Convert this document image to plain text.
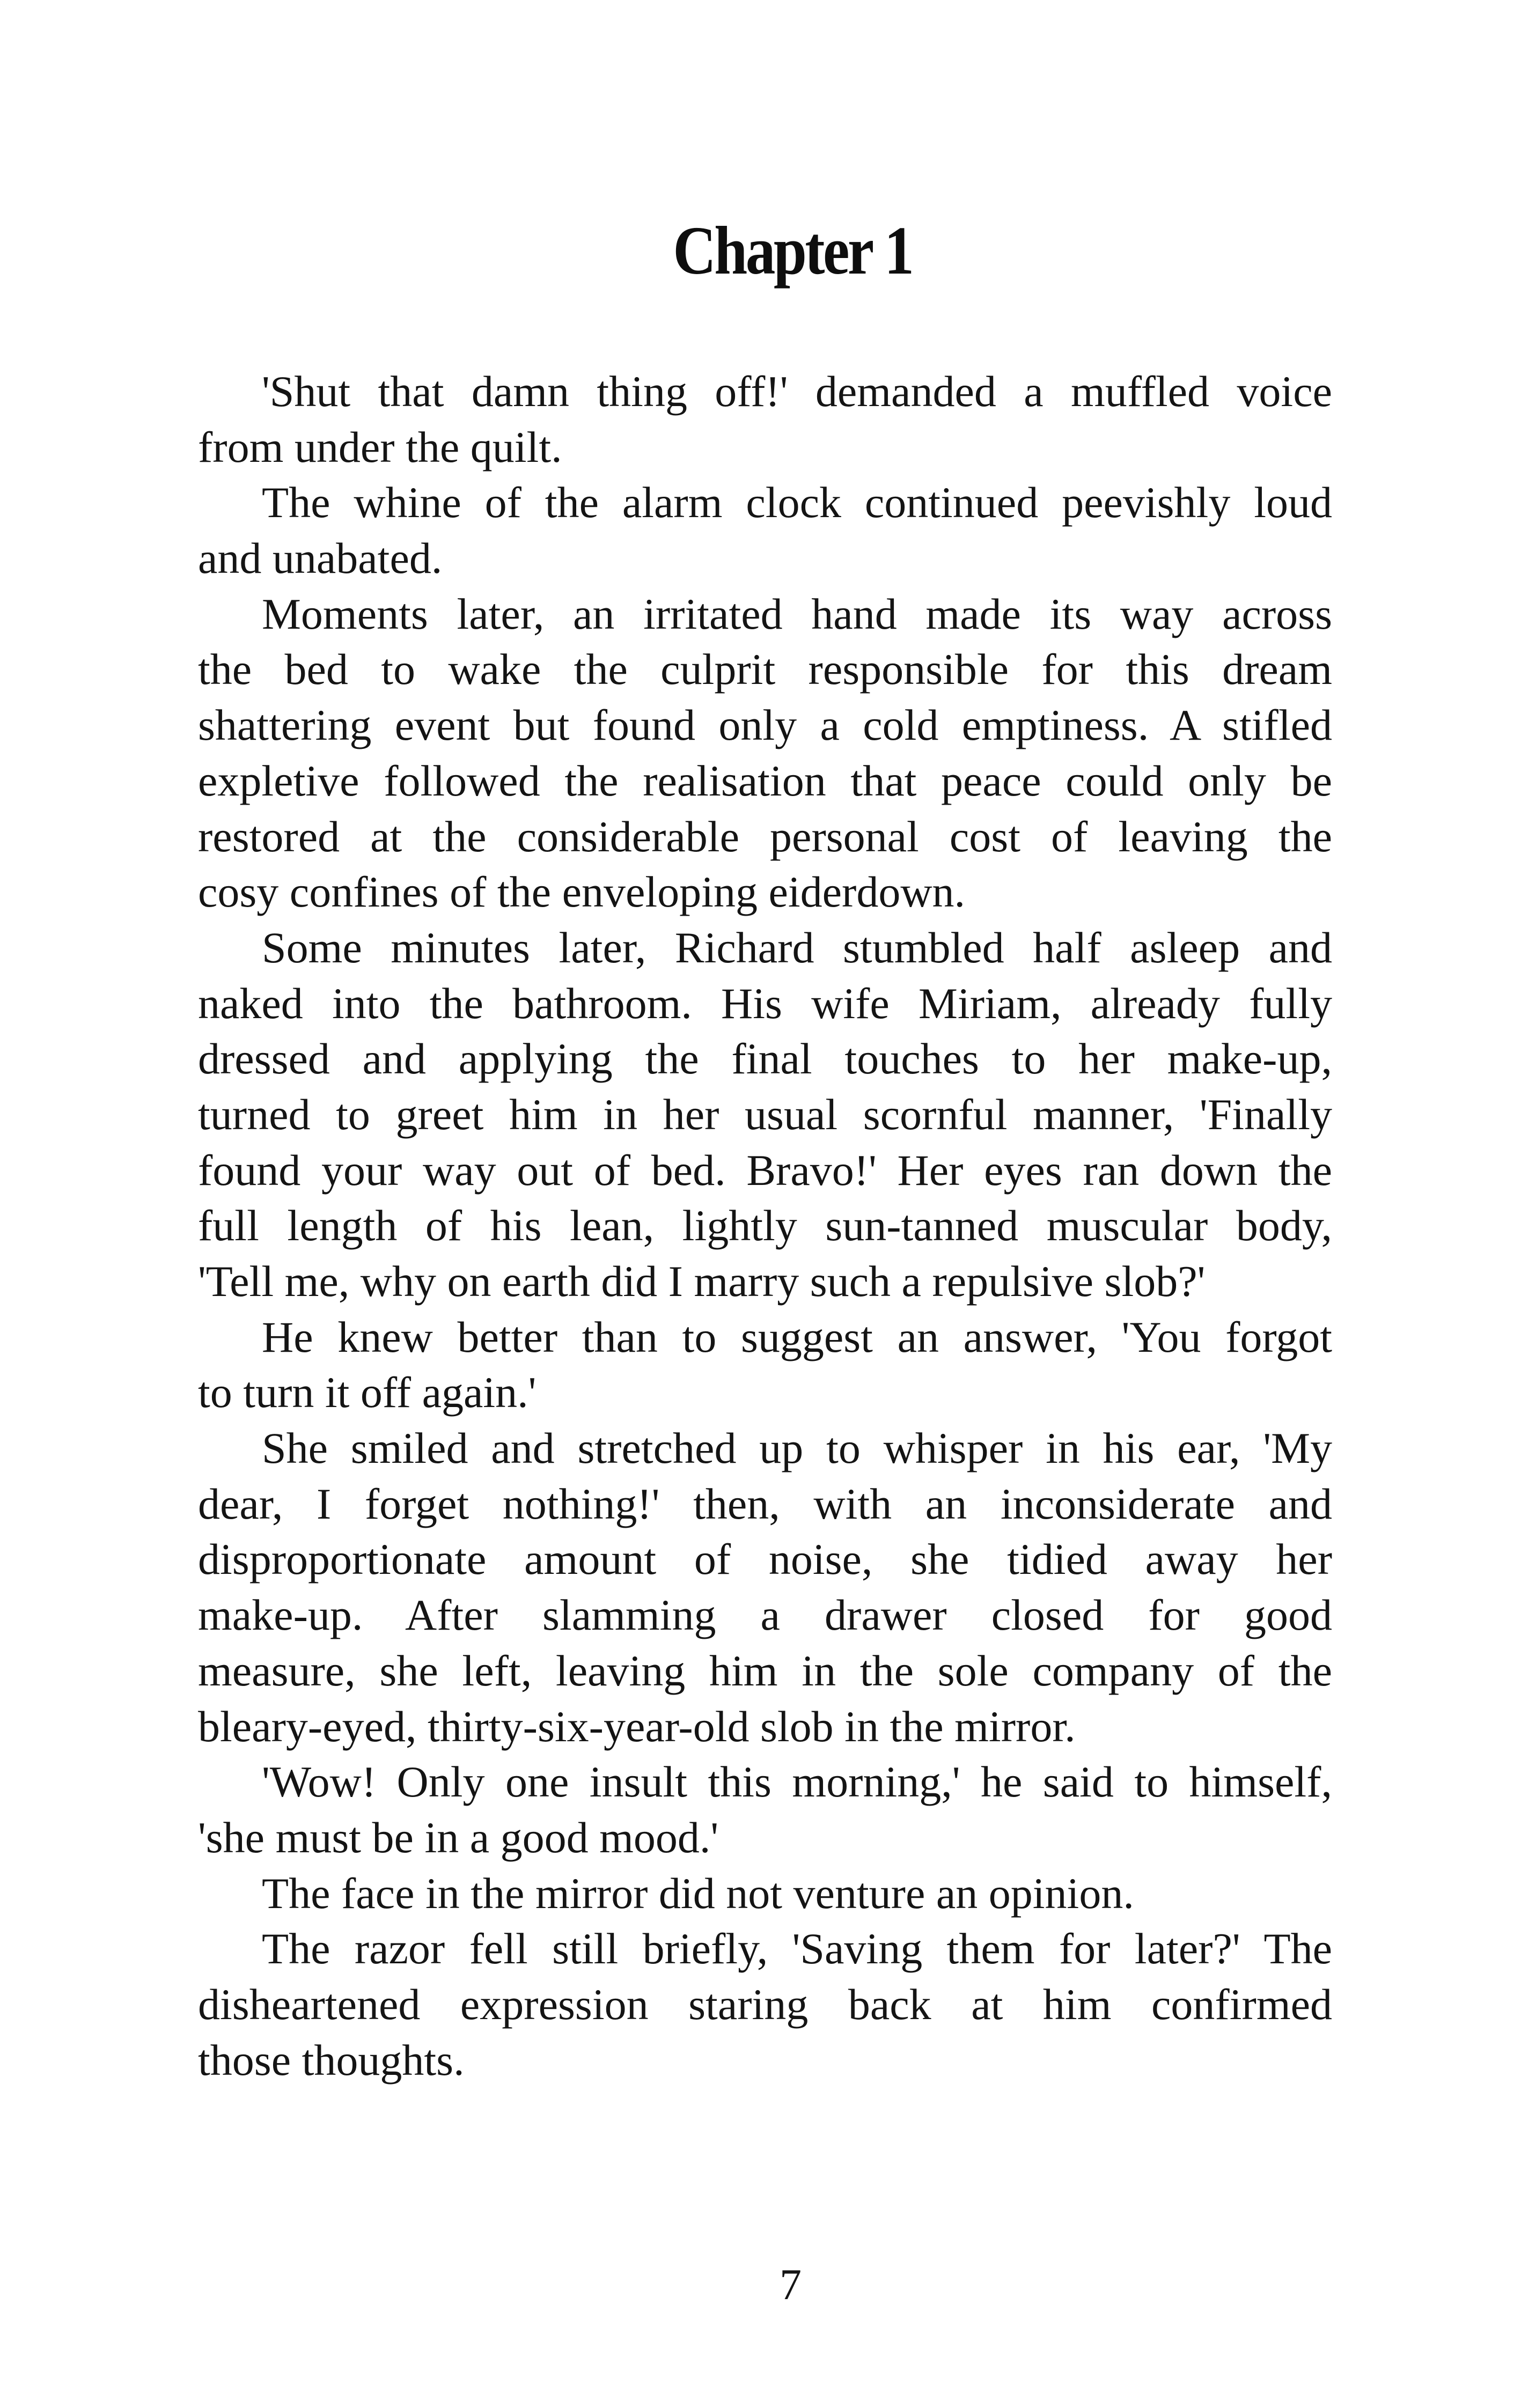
Chapter 1
'Shut that damn thing off!' demanded a muffled voice
from under the quilt.
The whine of the alarm clock continued peevishly loud
and unabated.
Moments later, an irritated hand made its way across
the bed to wake the culprit responsible for this dream
shattering event but found only a cold emptiness. A stifled
expletive followed the realisation that peace could only be
restored at the considerable personal cost of leaving the
cosy confines of the enveloping eiderdown.
Some minutes later, Richard stumbled half asleep and
naked into the bathroom. His wife Miriam, already fully
dressed and applying the final touches to her make-up,
turned to greet him in her usual scornful manner, 'Finally
found your way out of bed. Bravo!' Her eyes ran down the
full length of his lean, lightly sun-tanned muscular body,
'Tell me, why on earth did I marry such a repulsive slob?'
He knew better than to suggest an answer, 'You forgot
to turn it off again.'
She smiled and stretched up to whisper in his ear, 'My
dear, I forget nothing!' then, with an inconsiderate and
disproportionate amount of noise, she tidied away her
make-up. After slamming a drawer closed for good
measure, she left, leaving him in the sole company of the
bleary-eyed, thirty-six-year-old slob in the mirror.
'Wow! Only one insult this morning,' he said to himself,
'she must be in a good mood.'
The face in the mirror did not venture an opinion.
The razor fell still briefly, 'Saving them for later?' The
disheartened expression staring back at him confirmed
those thoughts.
7
